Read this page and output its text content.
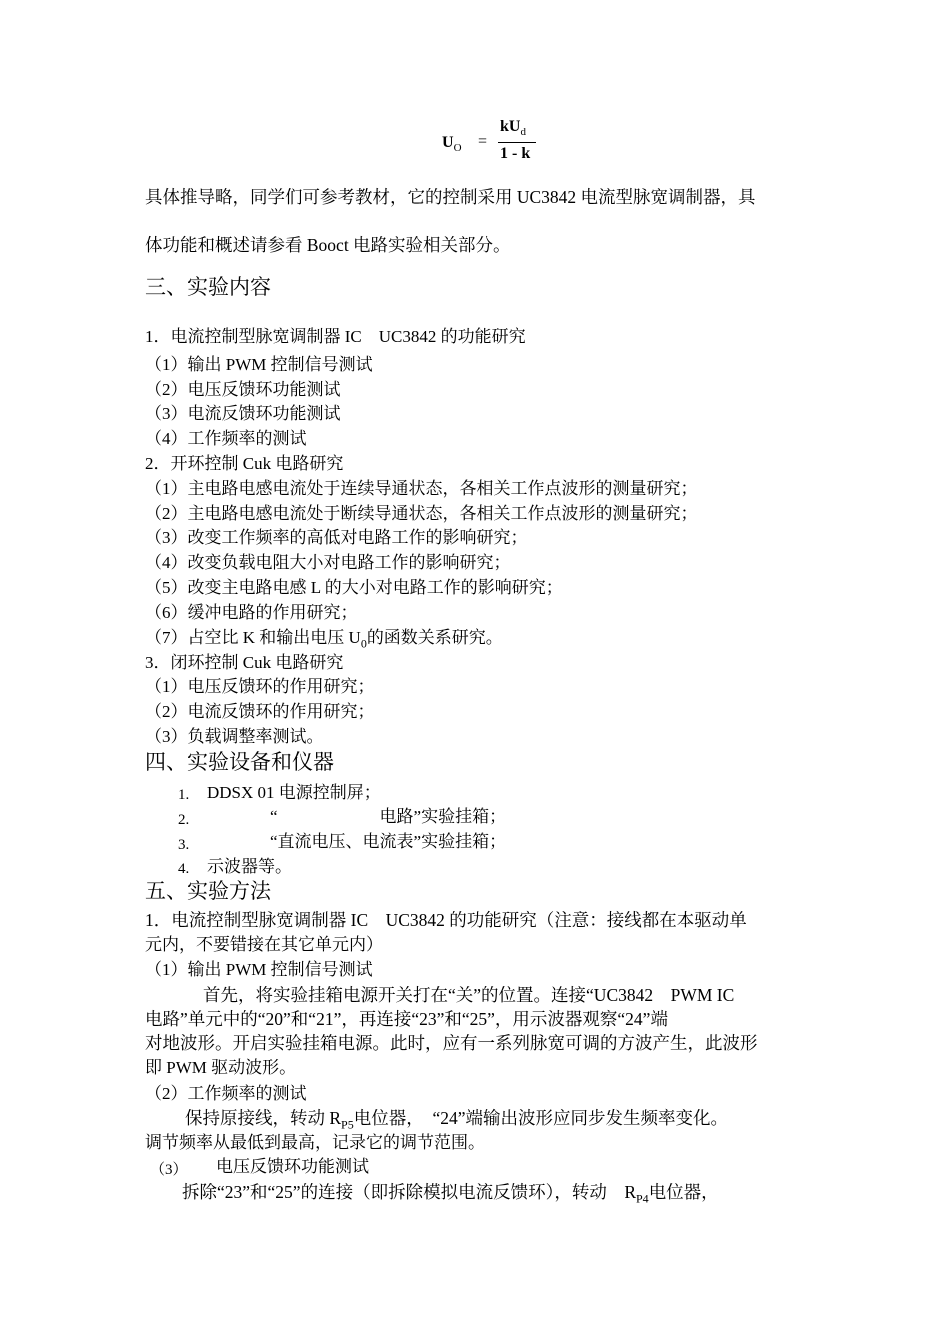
$U_O$ =
$kU_d$
1 - k
具体推导略，同学们可参考教材，它的控制采用 UC3842 电流型脉宽调制器，具
体功能和概述请参看 Booct 电路实验相关部分。
三、实验内容
1．电流控制型脉宽调制器 IC　UC3842 的功能研究
（1）输出 PWM 控制信号测试
（2）电压反馈环功能测试
（3）电流反馈环功能测试
（4）工作频率的测试
2．开环控制 Cuk 电路研究
（1）主电路电感电流处于连续导通状态，各相关工作点波形的测量研究；
（2）主电路电感电流处于断续导通状态，各相关工作点波形的测量研究；
（3）改变工作频率的高低对电路工作的影响研究；
（4）改变负载电阻大小对电路工作的影响研究；
（5）改变主电路电感 L 的大小对电路工作的影响研究；
（6）缓冲电路的作用研究；
（7）占空比 K 和输出电压 $U_0$的函数关系研究。
3．闭环控制 Cuk 电路研究
（1）电压反馈环的作用研究；
（2）电流反馈环的作用研究；
（3）负载调整率测试。
四、实验设备和仪器
1. DDSX 01 电源控制屏；
2.	“　　　　　　电路”实验挂箱；
3.	“直流电压、电流表”实验挂箱；
4. 示波器等。
五、实验方法
1．电流控制型脉宽调制器 IC　UC3842 的功能研究（注意：接线都在本驱动单
元内，不要错接在其它单元内）
（1）输出 PWM 控制信号测试
首先，将实验挂箱电源开关打在“关”的位置。连接“UC3842　PWM IC
电路”单元中的“20”和“21”，再连接“23”和“25”，用示波器观察“24”端
对地波形。开启实验挂箱电源。此时，应有一系列脉宽可调的方波产生，此波形
即 PWM 驱动波形。
（2）工作频率的测试
保持原接线，转动 $R_{P5}$电位器，　“24”端输出波形应同步发生频率变化。
调节频率从最低到最高，记录它的调节范围。
（3） 电压反馈环功能测试
拆除“23”和“25”的连接（即拆除模拟电流反馈环），转动　$R_{P4}$电位器，
